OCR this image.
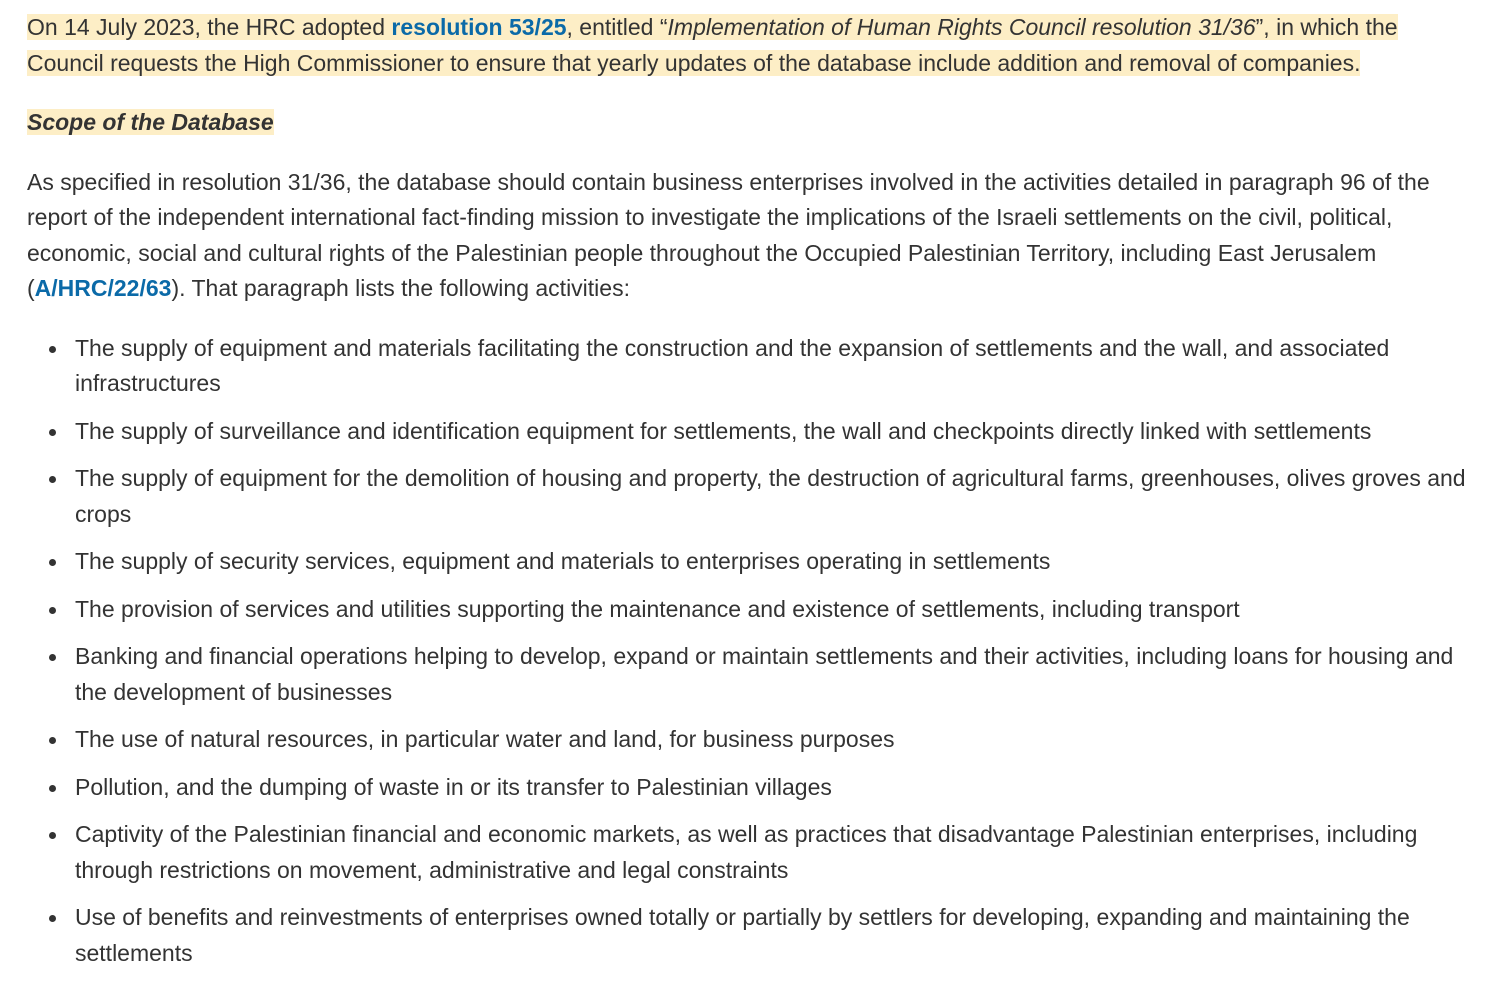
On 14 July 2023, the HRC adopted resolution 53/25, entitled “Implementation of Human Rights Council resolution 31/36”, in which the Council requests the High Commissioner to ensure that yearly updates of the database include addition and removal of companies.

Scope of the Database

As specified in resolution 31/36, the database should contain business enterprises involved in the activities detailed in paragraph 96 of the report of the independent international fact-finding mission to investigate the implications of the Israeli settlements on the civil, political, economic, social and cultural rights of the Palestinian people throughout the Occupied Palestinian Territory, including East Jerusalem (A/HRC/22/63). That paragraph lists the following activities:

The supply of equipment and materials facilitating the construction and the expansion of settlements and the wall, and associated infrastructures
The supply of surveillance and identification equipment for settlements, the wall and checkpoints directly linked with settlements
The supply of equipment for the demolition of housing and property, the destruction of agricultural farms, greenhouses, olives groves and crops
The supply of security services, equipment and materials to enterprises operating in settlements
The provision of services and utilities supporting the maintenance and existence of settlements, including transport
Banking and financial operations helping to develop, expand or maintain settlements and their activities, including loans for housing and the development of businesses
The use of natural resources, in particular water and land, for business purposes
Pollution, and the dumping of waste in or its transfer to Palestinian villages
Captivity of the Palestinian financial and economic markets, as well as practices that disadvantage Palestinian enterprises, including through restrictions on movement, administrative and legal constraints
Use of benefits and reinvestments of enterprises owned totally or partially by settlers for developing, expanding and maintaining the settlements
